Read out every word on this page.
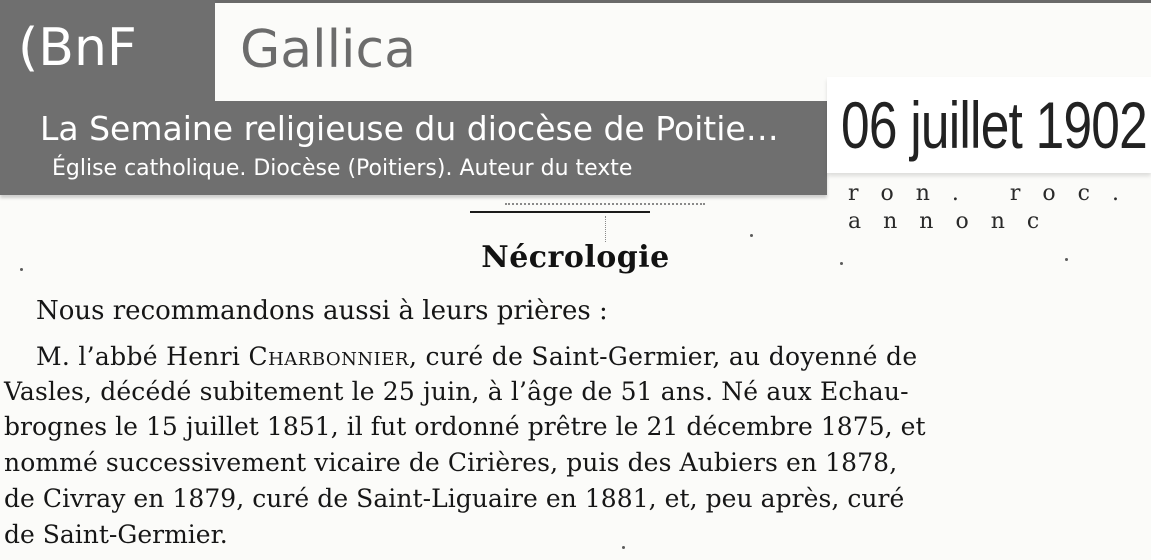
ron. roc. annonc
Nécrologie
Nous recommandons aussi à leurs prières :
M. l’abbé Henri Charbonnier, curé de Saint-Germier, au doyenné de
Vasles, décédé subitement le 25 juin, à l’âge de 51 ans. Né aux Echau-
brognes le 15 juillet 1851, il fut ordonné prêtre le 21 décembre 1875, et
nommé successivement vicaire de Cirières, puis des Aubiers en 1878,
de Civray en 1879, curé de Saint-Liguaire en 1881, et, peu après, curé
de Saint-Germier.
(BnF Gallica
La Semaine religieuse du diocèse de Poitie…
Église catholique. Diocèse (Poitiers). Auteur du texte
06 juillet 1902
